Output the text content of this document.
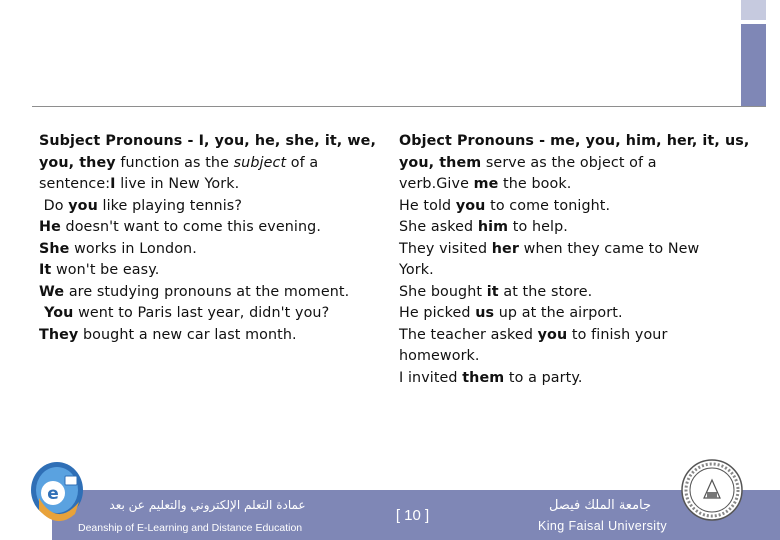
Subject Pronouns - I, you, he, she, it, we,
you, they function as the subject of a
sentence:I live in New York.
Do you like playing tennis?
He doesn't want to come this evening.
She works in London.
It won't be easy.
We are studying pronouns at the moment.
You went to Paris last year, didn't you?
They bought a new car last month.
Object Pronouns - me, you, him, her, it, us,
you, them serve as the object of a
verb.Give me the book.
He told you to come tonight.
She asked him to help.
They visited her when they came to New
York.
She bought it at the store.
He picked us up at the airport.
The teacher asked you to finish your
homework.
I invited them to a party.
e
عمادة التعلم الإلكتروني والتعليم عن بعد
Deanship of E-Learning and Distance Education
[ 10 ]
جامعة الملك فيصل
King Faisal University
